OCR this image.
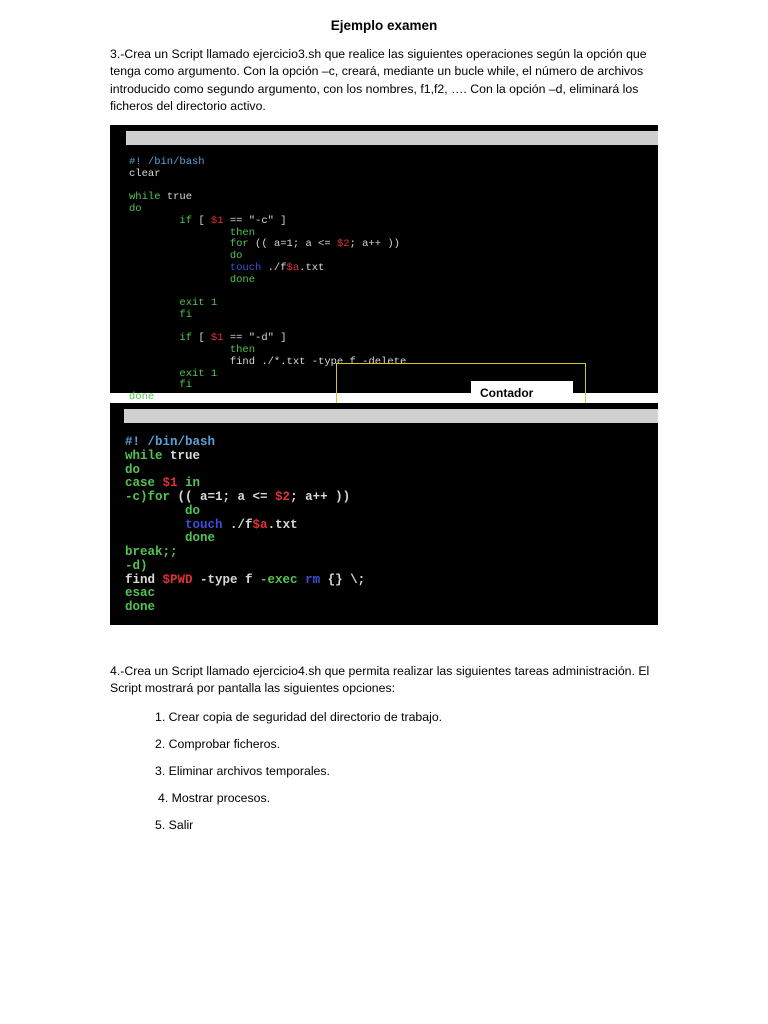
Ejemplo examen
3.-Crea un Script llamado ejercicio3.sh que realice las siguientes operaciones según la opción que tenga como argumento. Con la opción –c, creará, mediante un bucle while, el número de archivos introducido como segundo argumento, con los nombres, f1,f2, …. Con la opción –d, eliminará los ficheros del directorio activo.

GNU nano 2.9.3

ejercicio3.sh

#! /bin/bash
clear

while true
do
if [ $1 == "-c" ]
then
for (( a=1; a <= $2; a++ ))
do
touch ./f$a.txt
done

exit 1
fi

if [ $1 == "-d" ]
then
find ./*.txt -type f -delete
exit 1
fi
done	Contador

GNU nano 2.5.3

File: /home/aso/ejercicio3.sh

#! /bin/bash
while true
do
case $1 in
-c)for (( a=1; a <= $2; a++ ))
do
touch ./f$a.txt
done
break;;
-d)
find $PWD -type f -exec rm {} \;
esac
done
4.-Crea un Script llamado ejercicio4.sh que permita realizar las siguientes tareas administración. El Script mostrará por pantalla las siguientes opciones:
1. Crear copia de seguridad del directorio de trabajo.
2. Comprobar ficheros.
3. Eliminar archivos temporales.
4. Mostrar procesos.
5. Salir
